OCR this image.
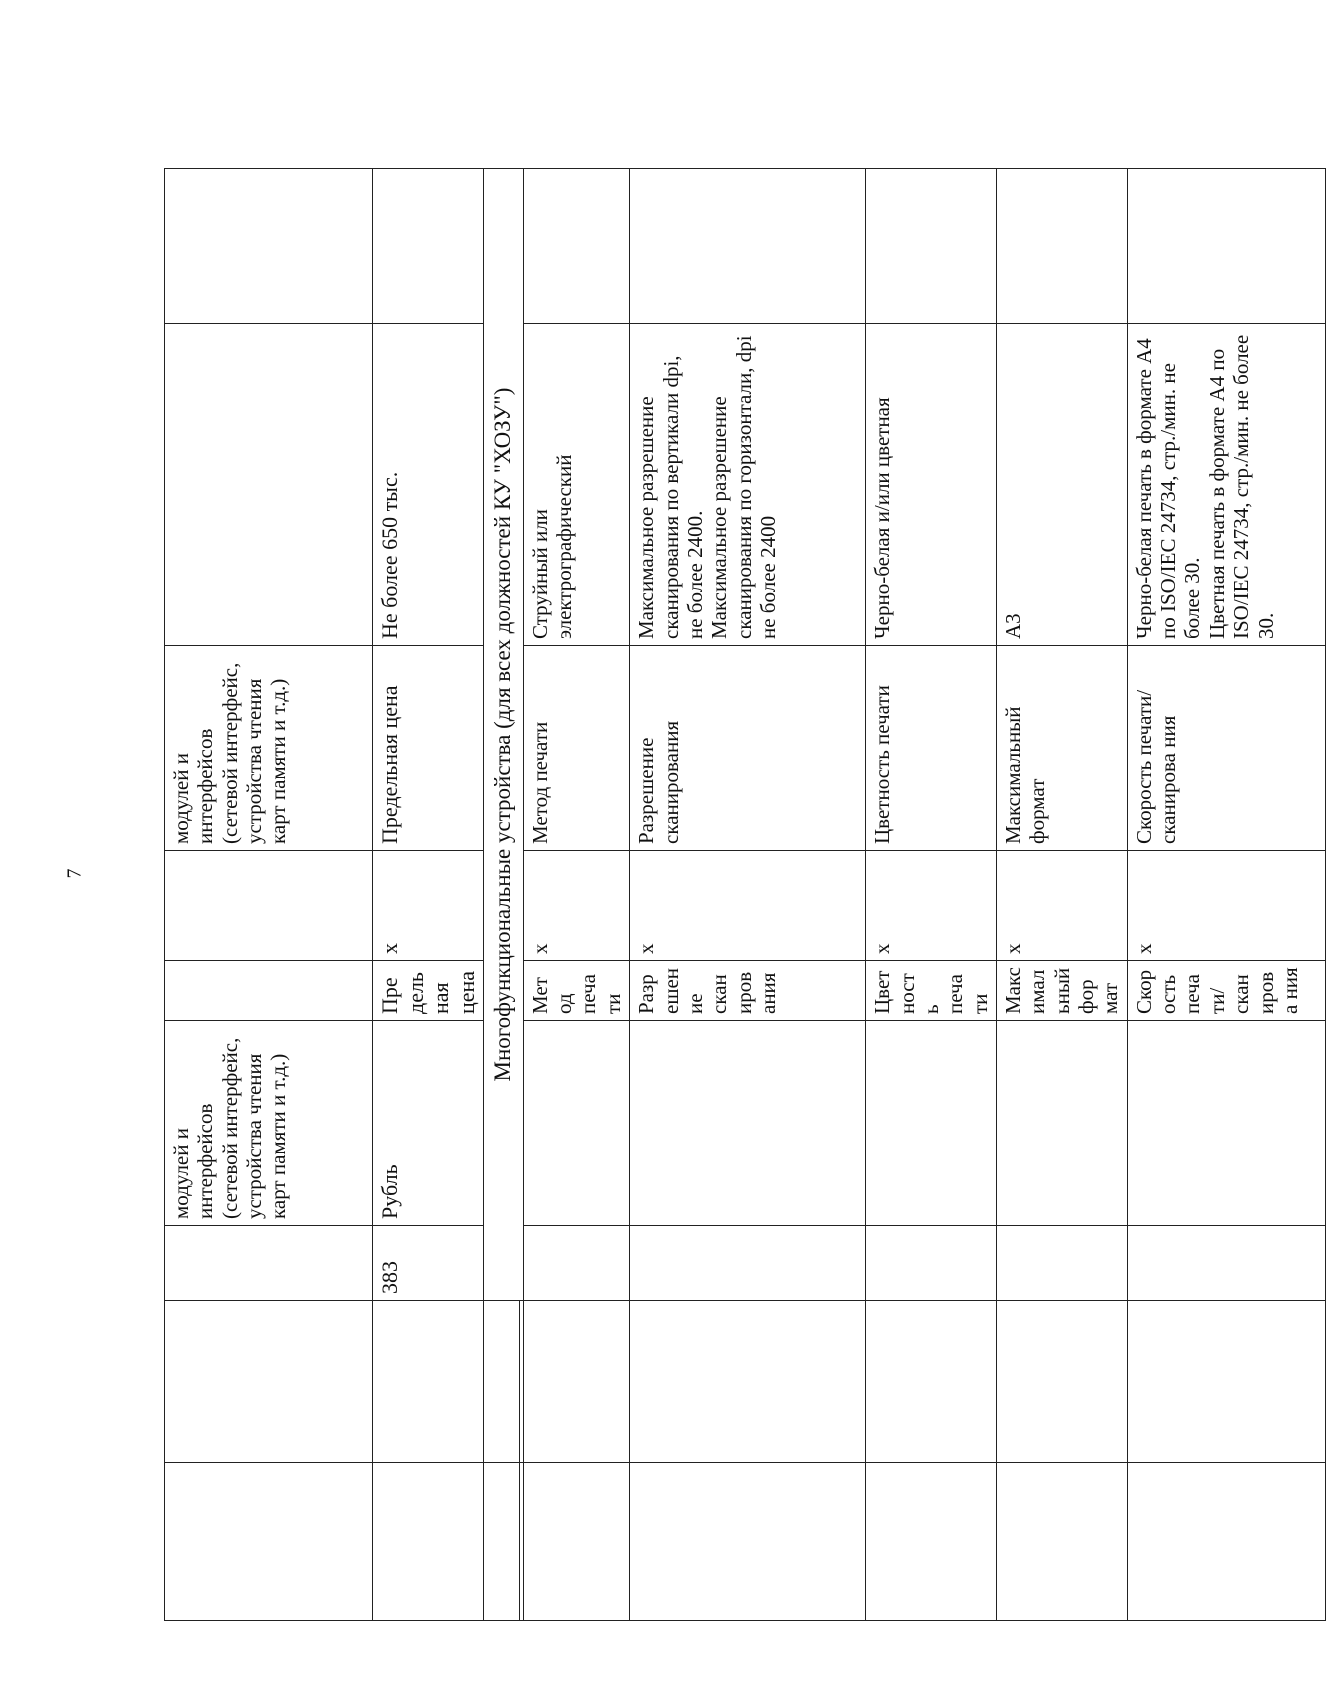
7
			модулей и интерфейсов (сетевой интерфейс, устройства чтения карт памяти и т.д.)			модулей и интерфейсов (сетевой интерфейс, устройства чтения карт памяти и т.д.)		
		383	Рубль	Предельная цена	x	Предельная цена	Не более 650 тыс.	
		Многофункциональные устройства (для всех должностей КУ "ХОЗУ")						

				Метод печати	x	Метод печати	Струйный или электрографический	
				Разрешение сканирования	x	Разрешение сканирования	Максимальное разрешение сканирования по вертикали dpi, не более 2400.
Максимальное разрешение сканирования по горизонтали, dpi не более 2400	
				Цветность печати	x	Цветность печати	Черно-белая и/или цветная	
				Максимальный формат	x	Максимальный формат	А3	
				Скорость печати/сканирова ния	x	Скорость печати/сканирова ния	Черно-белая печать в формате А4 по ISO/IEC 24734, стр./мин. не более 30.
Цветная печать в формате А4 по ISO/IEC 24734, стр./мин. не более 30.	
